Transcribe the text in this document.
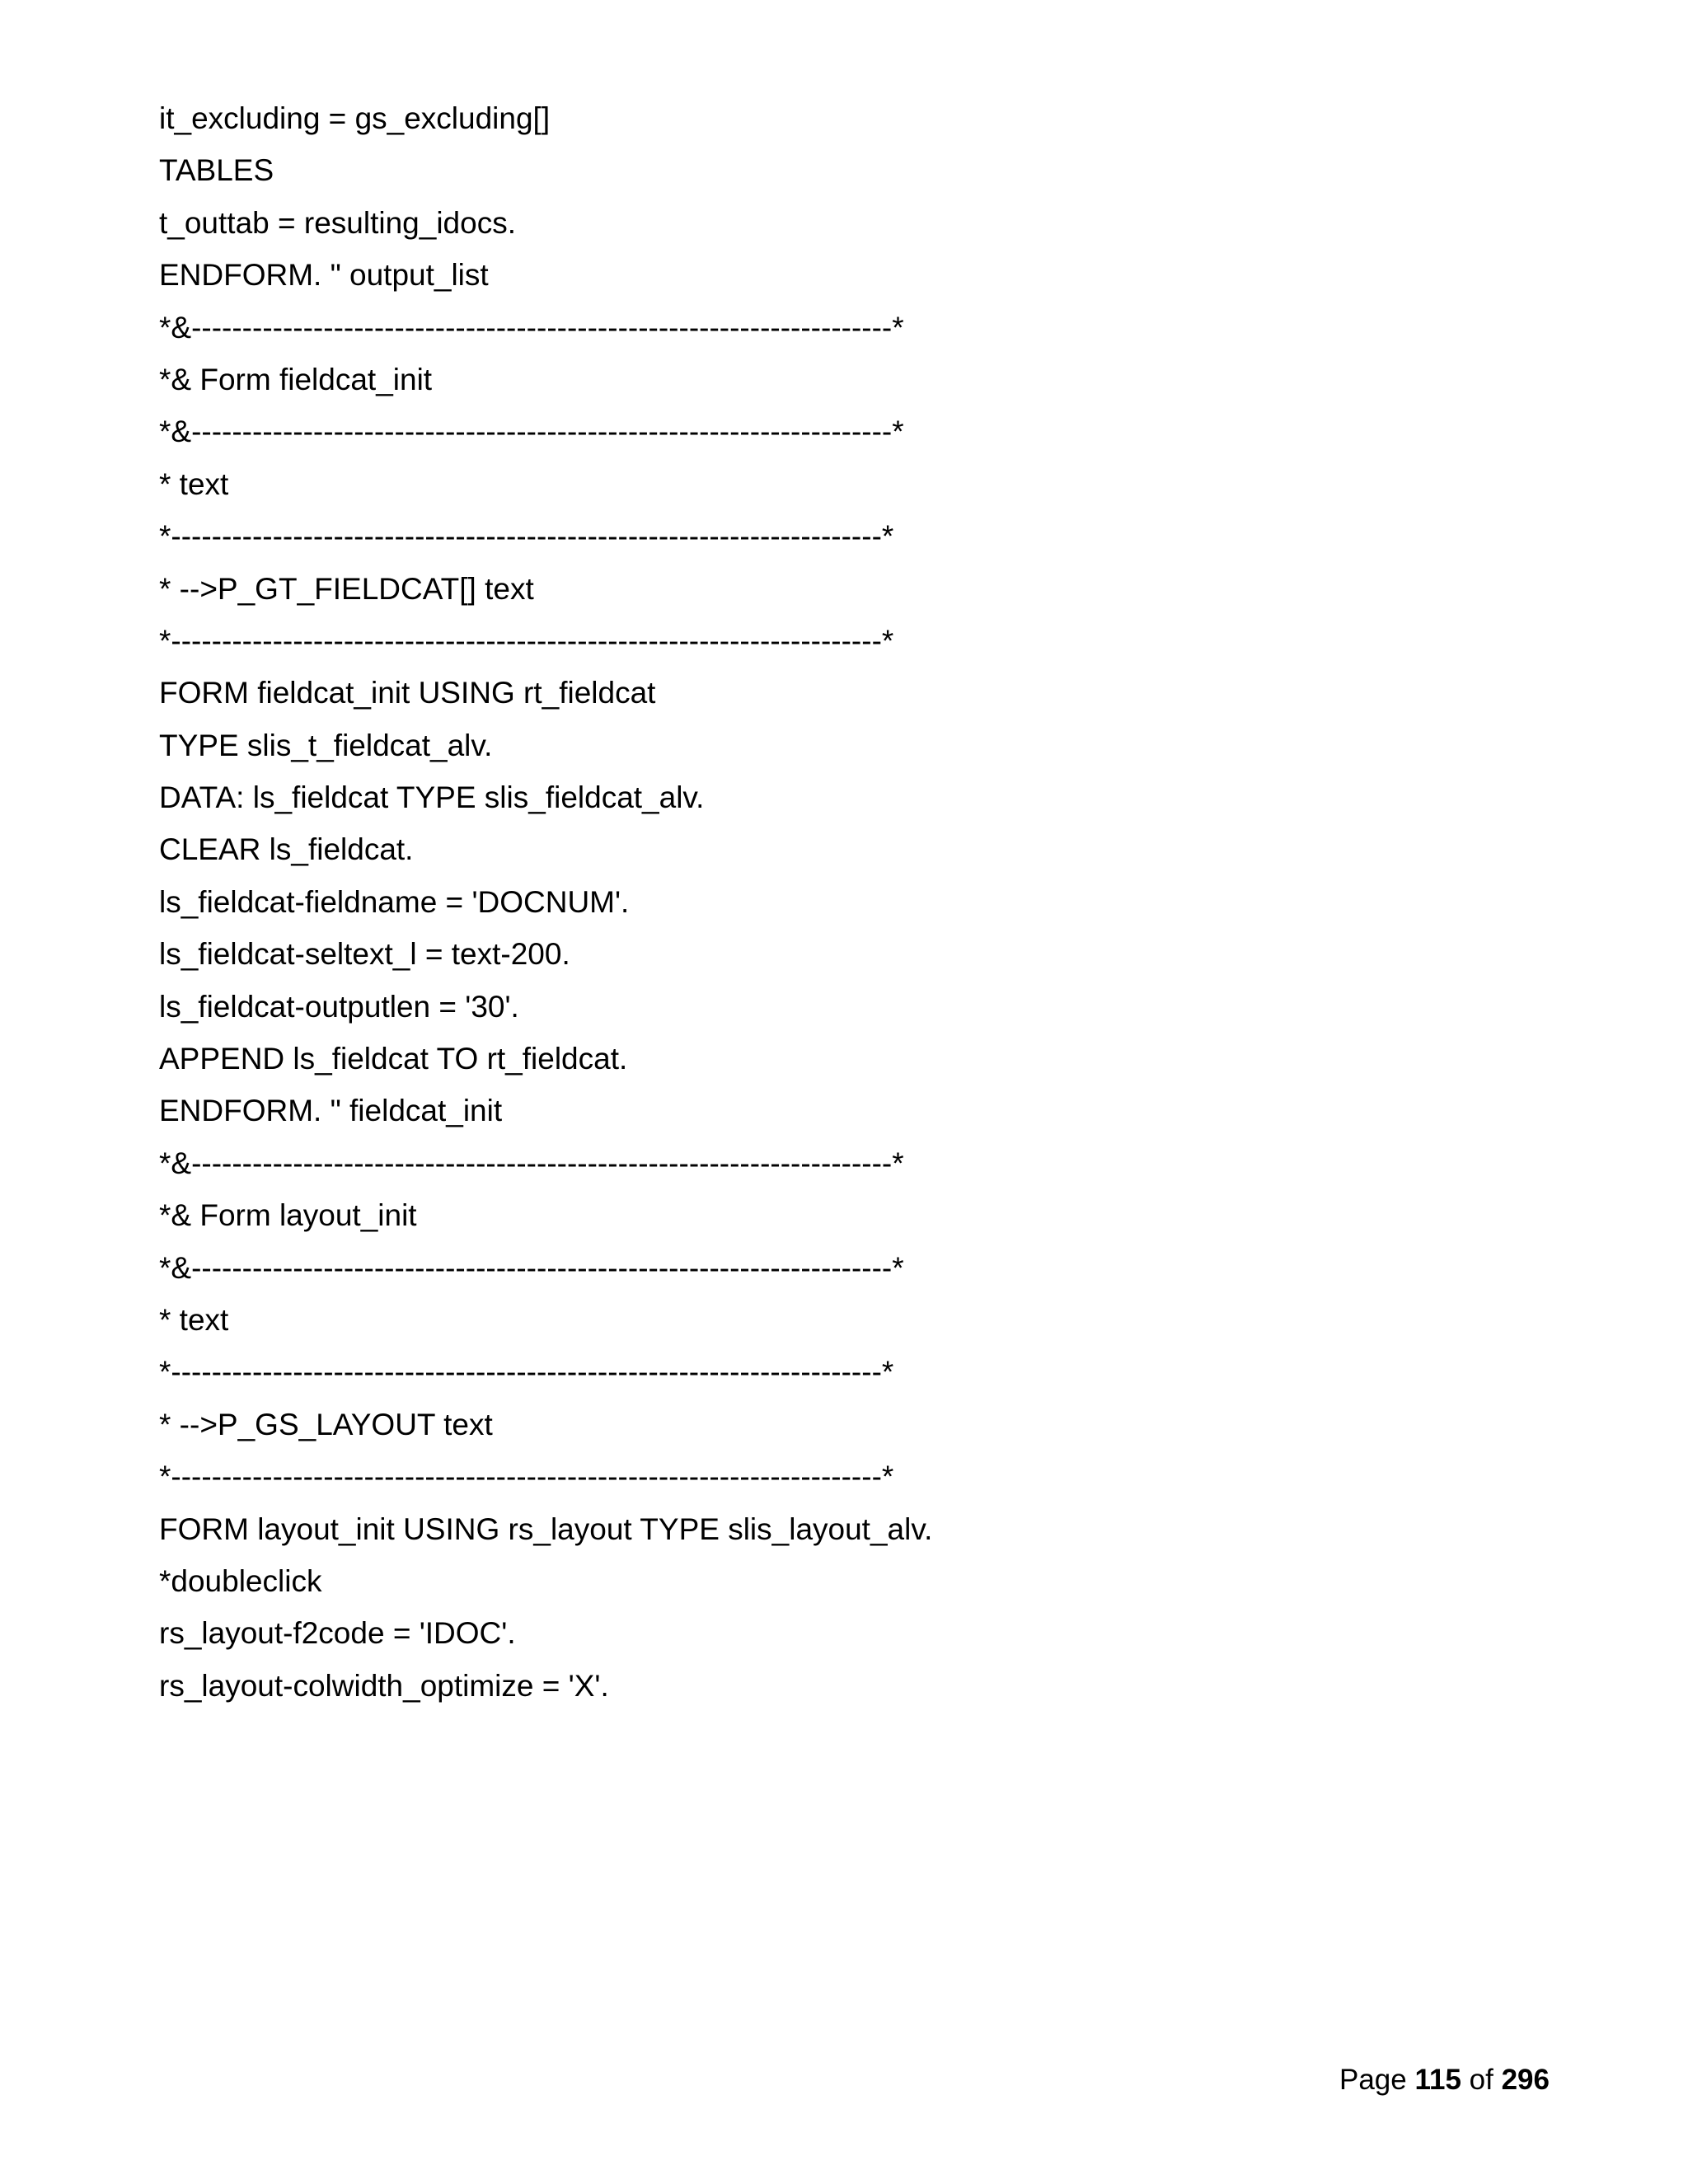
it_excluding = gs_excluding[]
TABLES
t_outtab = resulting_idocs.
ENDFORM. " output_list
*&---------------------------------------------------------------------*
*& Form fieldcat_init
*&---------------------------------------------------------------------*
* text
*----------------------------------------------------------------------*
* -->P_GT_FIELDCAT[] text
*----------------------------------------------------------------------*
FORM fieldcat_init USING rt_fieldcat
TYPE slis_t_fieldcat_alv.
DATA: ls_fieldcat TYPE slis_fieldcat_alv.
CLEAR ls_fieldcat.
ls_fieldcat-fieldname = 'DOCNUM'.
ls_fieldcat-seltext_l = text-200.
ls_fieldcat-outputlen = '30'.
APPEND ls_fieldcat TO rt_fieldcat.
ENDFORM. " fieldcat_init
*&---------------------------------------------------------------------*
*& Form layout_init
*&---------------------------------------------------------------------*
* text
*----------------------------------------------------------------------*
* -->P_GS_LAYOUT text
*----------------------------------------------------------------------*
FORM layout_init USING rs_layout TYPE slis_layout_alv.
*doubleclick
rs_layout-f2code = 'IDOC'.
rs_layout-colwidth_optimize = 'X'.
Page 115 of 296
